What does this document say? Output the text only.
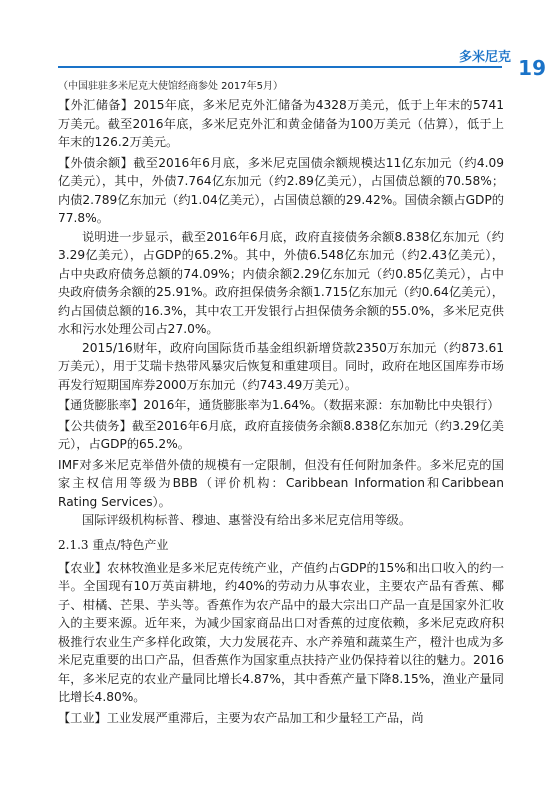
多米尼克 19

（中国驻驻多米尼克大使馆经商参处 2017年5月）

【外汇储备】2015年底，多米尼克外汇储备为4328万美元，低于上年末的5741万美元。截至2016年底，多米尼克外汇和黄金储备为100万美元（估算），低于上年末的126.2万美元。

【外债余额】截至2016年6月底，多米尼克国债余额规模达11亿东加元（约4.09亿美元），其中，外债7.764亿东加元（约2.89亿美元），占国债总额的70.58%；内债2.789亿东加元（约1.04亿美元），占国债总额的29.42%。国债余额占GDP的77.8%。

说明进一步显示，截至2016年6月底，政府直接债务余额8.838亿东加元（约3.29亿美元），占GDP的65.2%。其中，外债6.548亿东加元（约2.43亿美元），占中央政府债务总额的74.09%；内债余额2.29亿东加元（约0.85亿美元），占中央政府债务余额的25.91%。政府担保债务余额1.715亿东加元（约0.64亿美元），约占国债总额的16.3%，其中农工开发银行占担保债务余额的55.0%，多米尼克供水和污水处理公司占27.0%。

2015/16财年，政府向国际货币基金组织新增贷款2350万东加元（约873.61万美元），用于艾瑞卡热带风暴灾后恢复和重建项目。同时，政府在地区国库券市场再发行短期国库券2000万东加元（约743.49万美元）。

【通货膨胀率】2016年，通货膨胀率为1.64%。（数据来源：东加勒比中央银行）

【公共债务】截至2016年6月底，政府直接债务余额8.838亿东加元（约3.29亿美元），占GDP的65.2%。

IMF对多米尼克举借外债的规模有一定限制，但没有任何附加条件。多米尼克的国家主权信用等级为BBB（评价机构：Caribbean Information和Caribbean Rating Services）。

国际评级机构标普、穆迪、惠誉没有给出多米尼克信用等级。

2.1.3 重点/特色产业

【农业】农林牧渔业是多米尼克传统产业，产值约占GDP的15%和出口收入的约一半。全国现有10万英亩耕地，约40%的劳动力从事农业，主要农产品有香蕉、椰子、柑橘、芒果、芋头等。香蕉作为农产品中的最大宗出口产品一直是国家外汇收入的主要来源。近年来，为减少国家商品出口对香蕉的过度依赖，多米尼克政府积极推行农业生产多样化政策，大力发展花卉、水产养殖和蔬菜生产，橙汁也成为多米尼克重要的出口产品，但香蕉作为国家重点扶持产业仍保持着以往的魅力。2016年，多米尼克的农业产量同比增长4.87%，其中香蕉产量下降8.15%，渔业产量同比增长4.80%。

【工业】工业发展严重滞后，主要为农产品加工和少量轻工产品，尚
